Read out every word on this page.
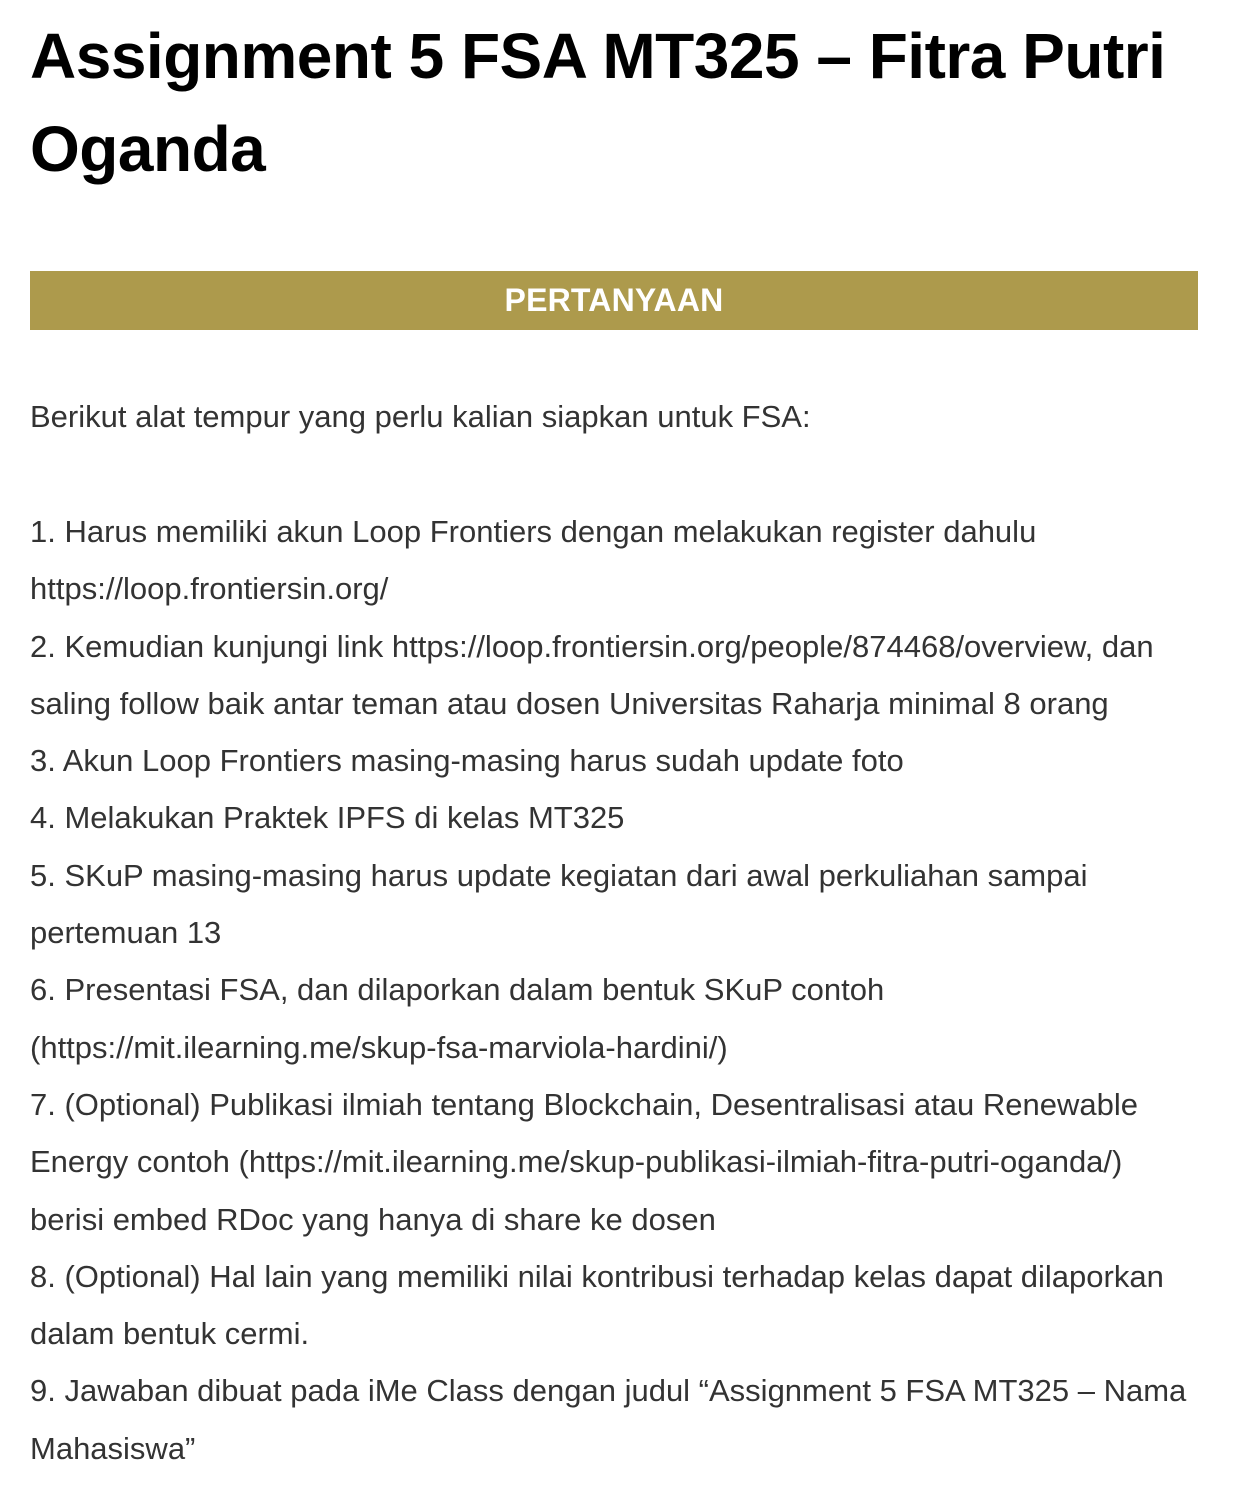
Assignment 5 FSA MT325 – Fitra Putri Oganda
PERTANYAAN

Berikut alat tempur yang perlu kalian siapkan untuk FSA:

1. Harus memiliki akun Loop Frontiers dengan melakukan register dahulu https://loop.frontiersin.org/
2. Kemudian kunjungi link https://loop.frontiersin.org/people/874468/overview, dan saling follow baik antar teman atau dosen Universitas Raharja minimal 8 orang
3. Akun Loop Frontiers masing-masing harus sudah update foto
4. Melakukan Praktek IPFS di kelas MT325
5. SKuP masing-masing harus update kegiatan dari awal perkuliahan sampai pertemuan 13
6. Presentasi FSA, dan dilaporkan dalam bentuk SKuP contoh (https://mit.ilearning.me/skup-fsa-marviola-hardini/)
7. (Optional) Publikasi ilmiah tentang Blockchain, Desentralisasi atau Renewable Energy contoh (https://mit.ilearning.me/skup-publikasi-ilmiah-fitra-putri-oganda/) berisi embed RDoc yang hanya di share ke dosen
8. (Optional) Hal lain yang memiliki nilai kontribusi terhadap kelas dapat dilaporkan dalam bentuk cermi.
9. Jawaban dibuat pada iMe Class dengan judul “Assignment 5 FSA MT325 – Nama Mahasiswa”
